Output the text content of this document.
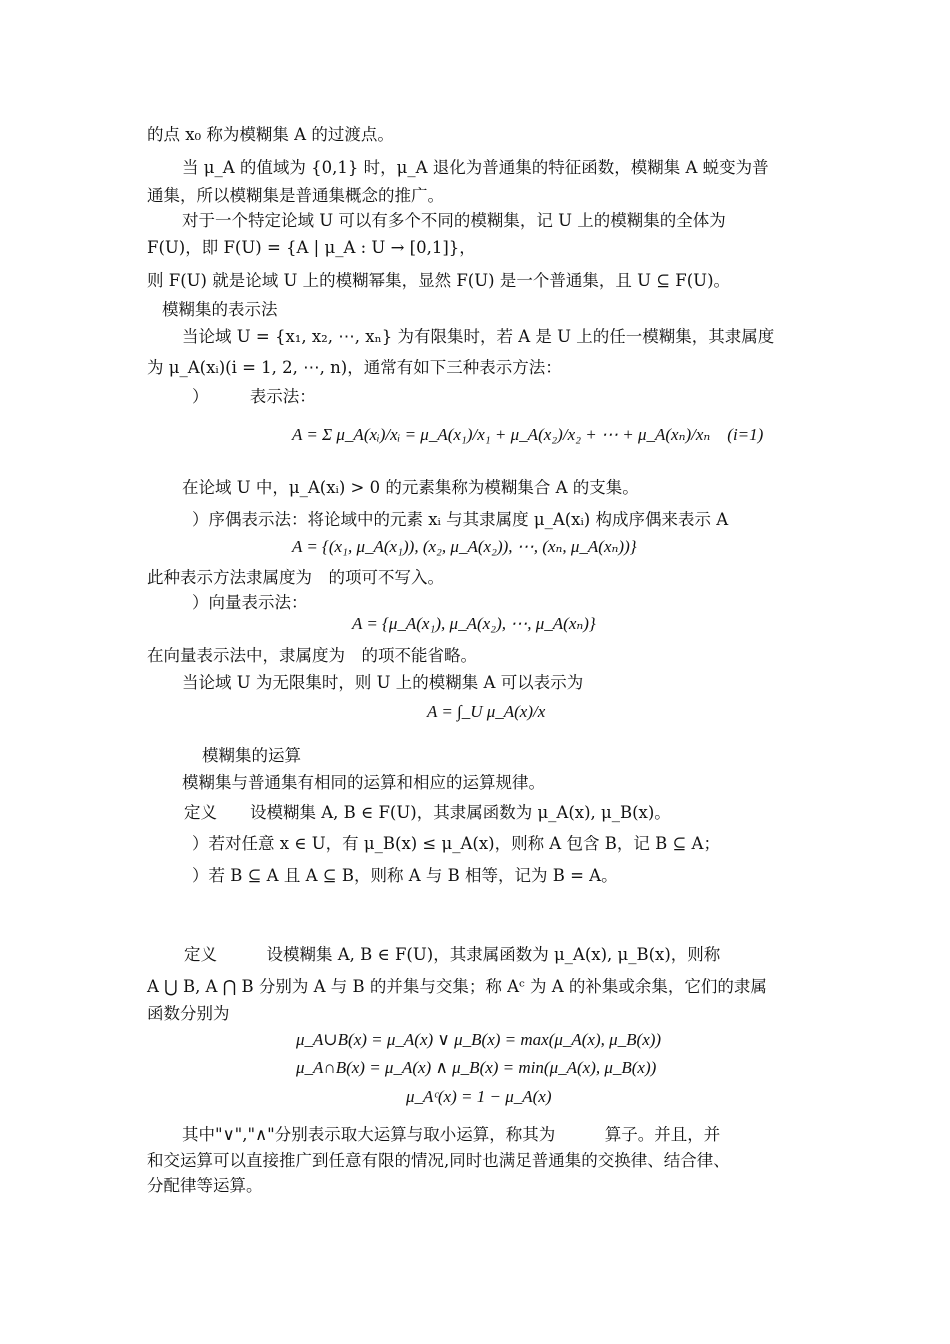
的点 x₀ 称为模糊集 A 的过渡点。
当 μ_A 的值域为 {0,1} 时，μ_A 退化为普通集的特征函数，模糊集 A 蜕变为普
通集，所以模糊集是普通集概念的推广。
对于一个特定论域 U 可以有多个不同的模糊集，记 U 上的模糊集的全体为
F(U)，即 F(U) = {A | μ_A : U → [0,1]}，
则 F(U) 就是论域 U 上的模糊幂集，显然 F(U) 是一个普通集，且 U ⊆ F(U)。
模糊集的表示法
当论域 U = {x₁, x₂, ⋯, xₙ} 为有限集时，若 A 是 U 上的任一模糊集，其隶属度
为 μ_A(xᵢ)(i = 1, 2, ⋯, n)，通常有如下三种表示方法：
）　　　表示法：
A = Σ μ_A(xᵢ)/xᵢ = μ_A(x₁)/x₁ + μ_A(x₂)/x₂ + ⋯ + μ_A(xₙ)/xₙ　(i=1)
在论域 U 中，μ_A(xᵢ) > 0 的元素集称为模糊集合 A 的支集。
）序偶表示法：将论域中的元素 xᵢ 与其隶属度 μ_A(xᵢ) 构成序偶来表示 A
A = {(x₁, μ_A(x₁)), (x₂, μ_A(x₂)), ⋯, (xₙ, μ_A(xₙ))}
此种表示方法隶属度为　的项可不写入。
）向量表示法：
A = {μ_A(x₁), μ_A(x₂), ⋯, μ_A(xₙ)}
在向量表示法中，隶属度为　的项不能省略。
当论域 U 为无限集时，则 U 上的模糊集 A 可以表示为
A = ∫_U μ_A(x)/x
模糊集的运算
模糊集与普通集有相同的运算和相应的运算规律。
定义　　设模糊集 A, B ∈ F(U)，其隶属函数为 μ_A(x), μ_B(x)。
）若对任意 x ∈ U，有 μ_B(x) ≤ μ_A(x)，则称 A 包含 B，记 B ⊆ A；
）若 B ⊆ A 且 A ⊆ B，则称 A 与 B 相等，记为 B = A。
定义　　　设模糊集 A, B ∈ F(U)，其隶属函数为 μ_A(x), μ_B(x)，则称
A ⋃ B, A ⋂ B 分别为 A 与 B 的并集与交集；称 Aᶜ 为 A 的补集或余集，它们的隶属
函数分别为
μ_A∪B(x) = μ_A(x) ∨ μ_B(x) = max(μ_A(x), μ_B(x))
μ_A∩B(x) = μ_A(x) ∧ μ_B(x) = min(μ_A(x), μ_B(x))
μ_Aᶜ(x) = 1 − μ_A(x)
其中"∨","∧"分别表示取大运算与取小运算，称其为　　　算子。并且，并
和交运算可以直接推广到任意有限的情况,同时也满足普通集的交换律、结合律、
分配律等运算。
